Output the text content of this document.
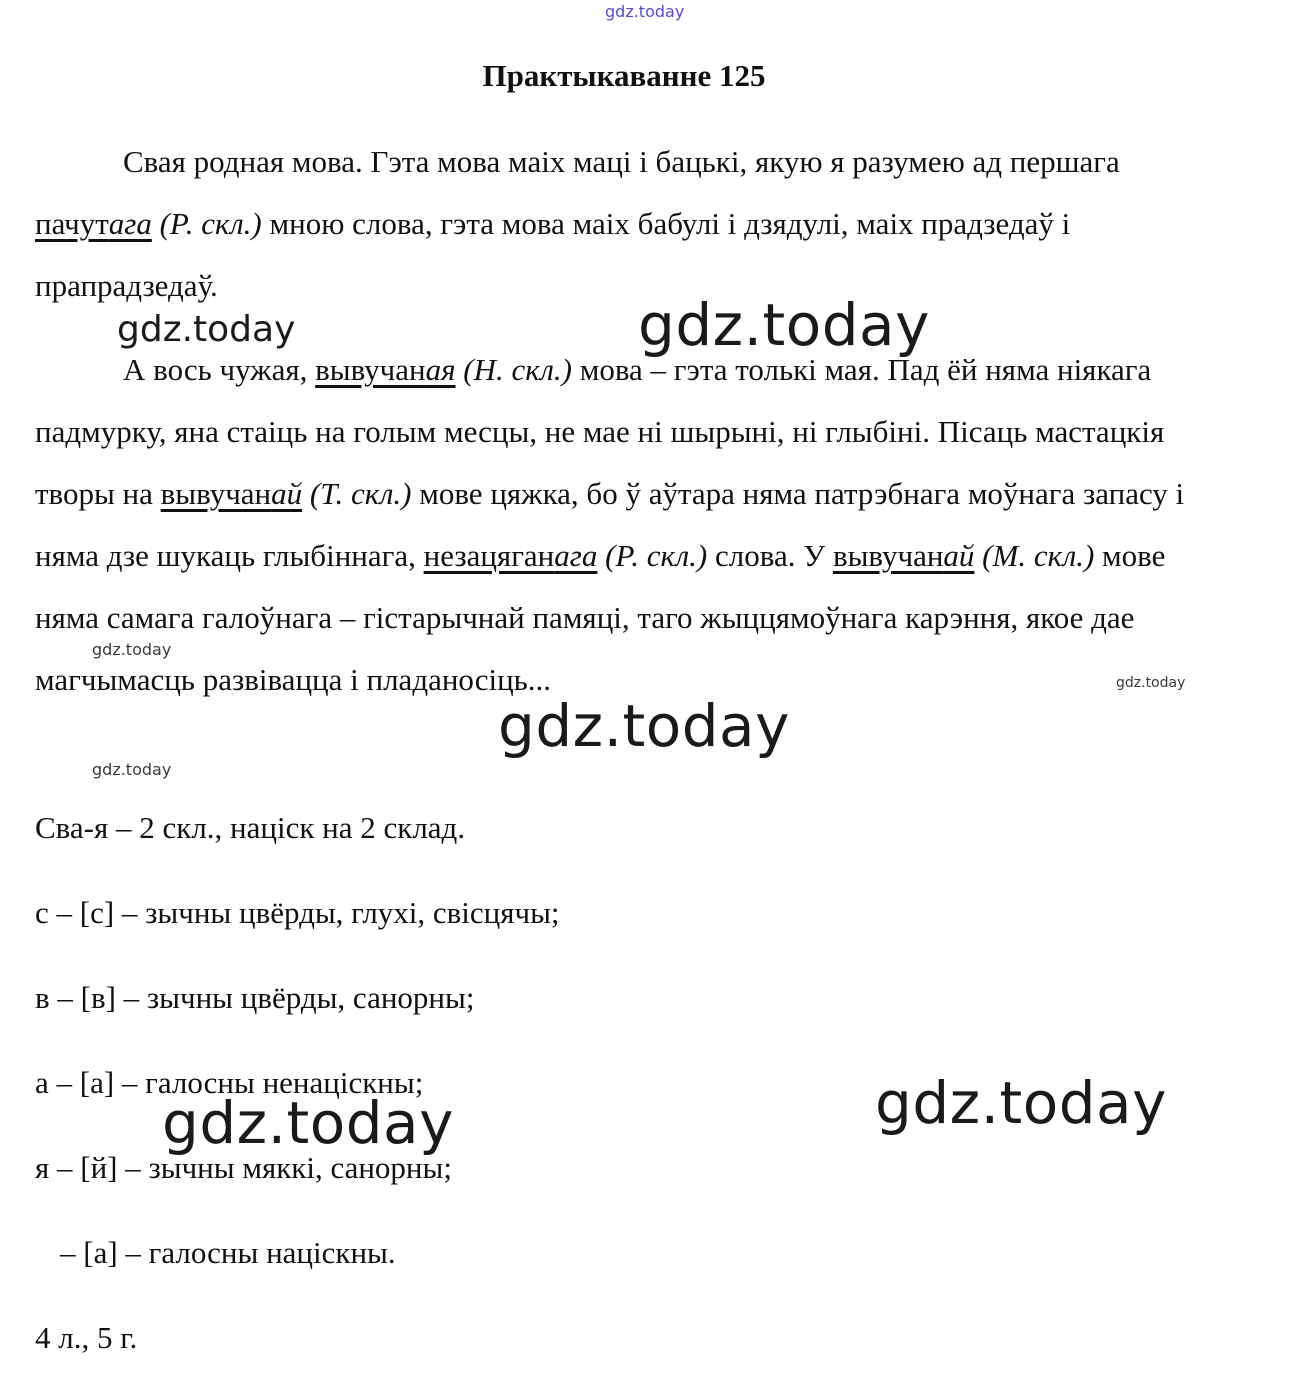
gdz.today
Практыкаванне 125

Свая родная мова. Гэта мова маіх маці і бацькі, якую я разумею ад першага пачутага (Р. скл.) мною слова, гэта мова маіх бабулі і дзядулі, маіх прадзедаў і прапрадзедаў.

А вось чужая, вывучаная (Н. скл.) мова – гэта толькі мая. Пад ёй няма ніякага падмурку, яна стаіць на голым месцы, не мае ні шырыні, ні глыбіні. Пісаць мастацкія творы на вывучанай (Т. скл.) мове цяжка, бо ў аўтара няма патрэбнага моўнага запасу і няма дзе шукаць глыбіннага, незацяганага (Р. скл.) слова. У вывучанай (М. скл.) мове няма самага галоўнага – гістарычнай памяці, таго жыццямоўнага карэння, якое дае магчымасць развівацца і пладаносіць...

Сва-я – 2 скл., націск на 2 склад.
с – [с] – зычны цвёрды, глухі, свісцячы;
в – [в] – зычны цвёрды, санорны;
а – [а] – галосны ненаціскны;
я – [й] – зычны мяккі, санорны;
– [а] – галосны націскны.
4 л., 5 г.
gdz.today	gdz.today
gdz.today
gdz.today
gdz.today
gdz.today
gdz.today
gdz.today
